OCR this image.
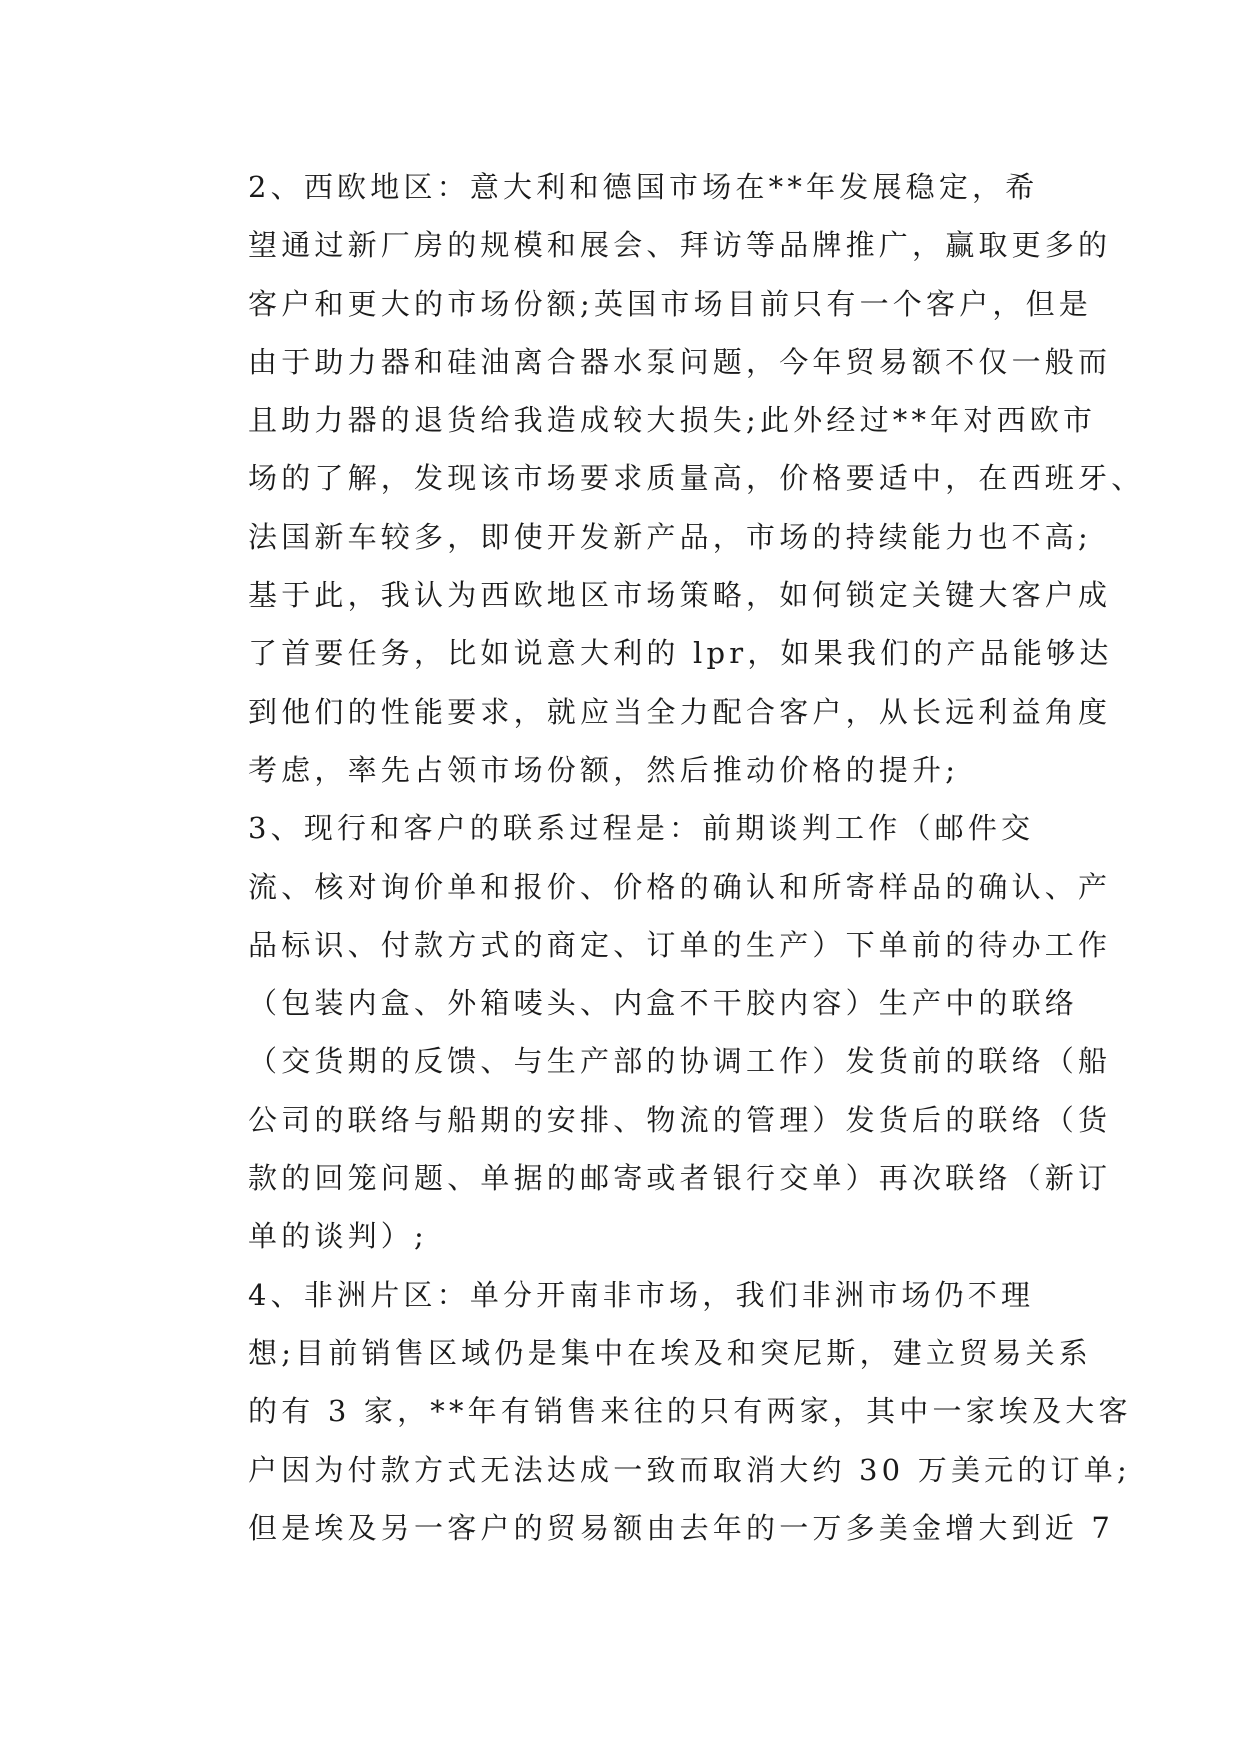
2、西欧地区：意大利和德国市场在**年发展稳定，希

望通过新厂房的规模和展会、拜访等品牌推广，赢取更多的
客户和更大的市场份额;英国市场目前只有一个客户，但是
由于助力器和硅油离合器水泵问题，今年贸易额不仅一般而
且助力器的退货给我造成较大损失;此外经过**年对西欧市
场的了解，发现该市场要求质量高，价格要适中，在西班牙、
法国新车较多，即使开发新产品，市场的持续能力也不高;
基于此，我认为西欧地区市场策略，如何锁定关键大客户成
了首要任务，比如说意大利的 lpr，如果我们的产品能够达
到他们的性能要求，就应当全力配合客户，从长远利益角度
考虑，率先占领市场份额，然后推动价格的提升;

3、现行和客户的联系过程是：前期谈判工作（邮件交

流、核对询价单和报价、价格的确认和所寄样品的确认、产
品标识、付款方式的商定、订单的生产）下单前的待办工作
（包装内盒、外箱唛头、内盒不干胶内容）生产中的联络
（交货期的反馈、与生产部的协调工作）发货前的联络（船
公司的联络与船期的安排、物流的管理）发货后的联络（货
款的回笼问题、单据的邮寄或者银行交单）再次联络（新订
单的谈判）;

4、非洲片区：单分开南非市场，我们非洲市场仍不理

想;目前销售区域仍是集中在埃及和突尼斯，建立贸易关系
的有 3 家，**年有销售来往的只有两家，其中一家埃及大客
户因为付款方式无法达成一致而取消大约 30 万美元的订单;
但是埃及另一客户的贸易额由去年的一万多美金增大到近 7
